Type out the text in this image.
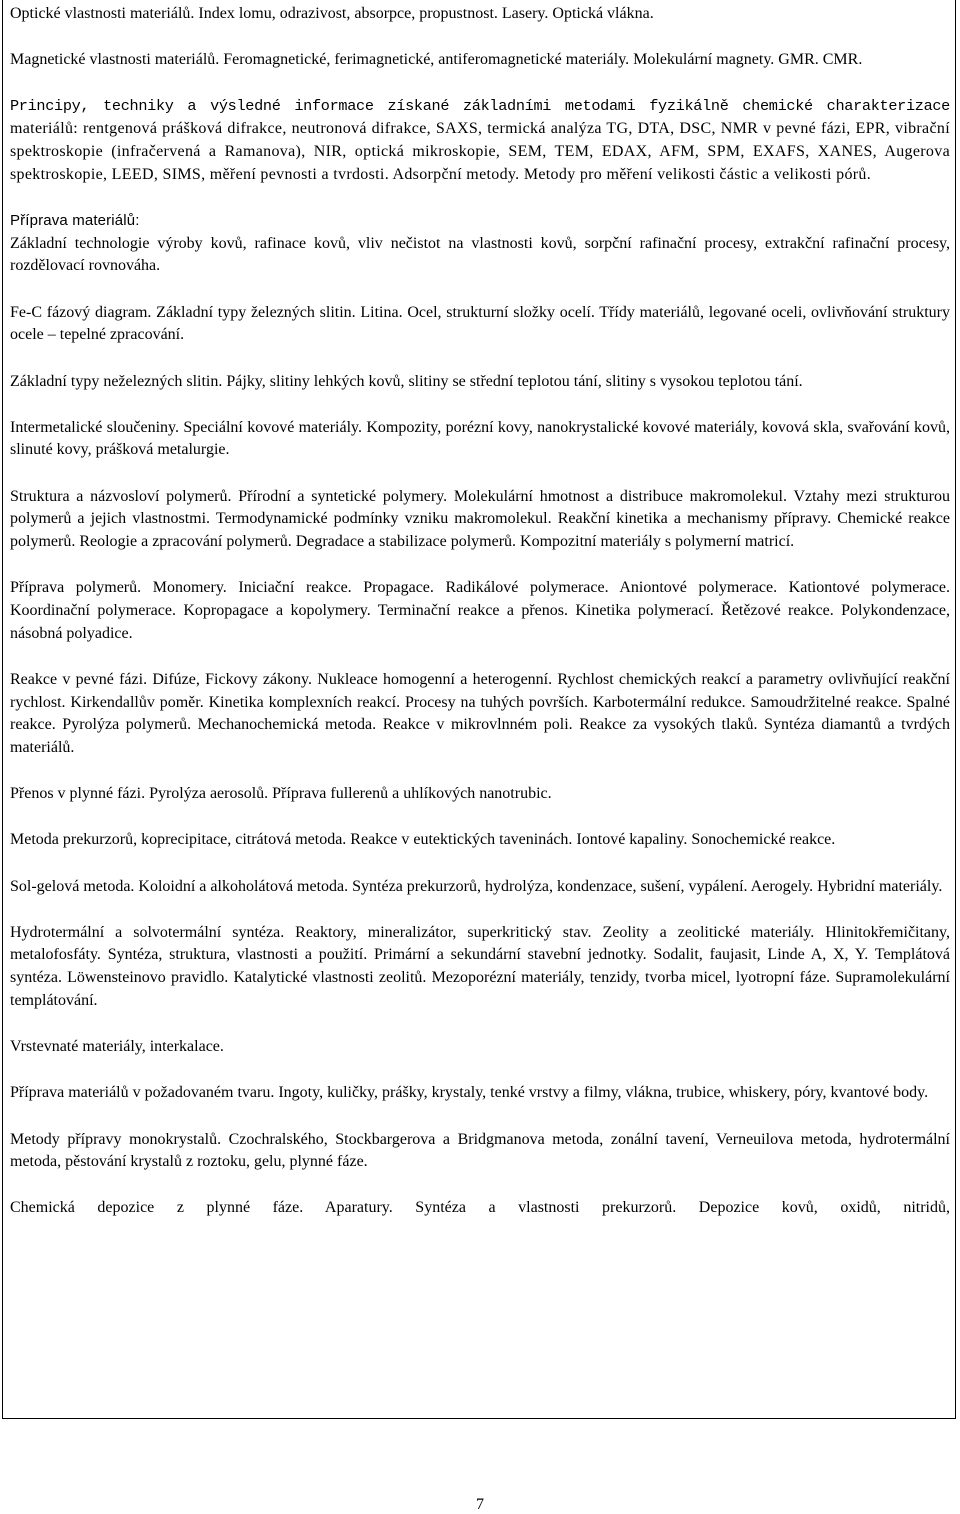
Optické vlastnosti materiálů. Index lomu, odrazivost, absorpce, propustnost. Lasery. Optická vlákna.

Magnetické vlastnosti materiálů. Feromagnetické, ferimagnetické, antiferomagnetické materiály. Molekulární magnety. GMR. CMR.

Principy, techniky a výsledné informace získané základními metodami fyzikálně chemické charakterizace
materiálů: rentgenová prášková difrakce, neutronová difrakce, SAXS, termická analýza TG, DTA, DSC, NMR v pevné fázi, EPR, vibrační spektroskopie (infračervená a Ramanova), NIR, optická mikroskopie, SEM, TEM, EDAX, AFM, SPM, EXAFS, XANES, Augerova spektroskopie, LEED, SIMS, měření pevnosti a tvrdosti. Adsorpční metody. Metody pro měření velikosti částic a velikosti pórů.

Příprava materiálů:

Základní technologie výroby kovů, rafinace kovů, vliv nečistot na vlastnosti kovů, sorpční rafinační procesy, extrakční rafinační procesy, rozdělovací rovnováha.

Fe-C fázový diagram. Základní typy železných slitin. Litina. Ocel, strukturní složky ocelí. Třídy materiálů, legované oceli, ovlivňování struktury ocele – tepelné zpracování.

Základní typy neželezných slitin. Pájky, slitiny lehkých kovů, slitiny se střední teplotou tání, slitiny s vysokou teplotou tání.

Intermetalické sloučeniny. Speciální kovové materiály. Kompozity, porézní kovy, nanokrystalické kovové materiály, kovová skla, svařování kovů, slinuté kovy, prášková metalurgie.

Struktura a názvosloví polymerů. Přírodní a syntetické polymery. Molekulární hmotnost a distribuce makromolekul. Vztahy mezi strukturou polymerů a jejich vlastnostmi. Termodynamické podmínky vzniku makromolekul. Reakční kinetika a mechanismy přípravy. Chemické reakce polymerů. Reologie a zpracování polymerů. Degradace a stabilizace polymerů. Kompozitní materiály s polymerní matricí.

Příprava polymerů. Monomery. Iniciační reakce. Propagace. Radikálové polymerace. Aniontové polymerace. Kationtové polymerace. Koordinační polymerace. Kopropagace a kopolymery. Terminační reakce a přenos. Kinetika polymerací. Řetězové reakce. Polykondenzace, násobná polyadice.

Reakce v pevné fázi. Difúze, Fickovy zákony. Nukleace homogenní a heterogenní. Rychlost chemických reakcí a parametry ovlivňující reakční rychlost. Kirkendallův poměr. Kinetika komplexních reakcí. Procesy na tuhých površích. Karbotermální redukce. Samoudržitelné reakce. Spalné reakce. Pyrolýza polymerů. Mechanochemická metoda. Reakce v mikrovlnném poli. Reakce za vysokých tlaků. Syntéza diamantů a tvrdých materiálů.

Přenos v plynné fázi. Pyrolýza aerosolů. Příprava fullerenů a uhlíkových nanotrubic.

Metoda prekurzorů, koprecipitace, citrátová metoda. Reakce v eutektických taveninách. Iontové kapaliny. Sonochemické reakce.

Sol-gelová metoda. Koloidní a alkoholátová metoda. Syntéza prekurzorů, hydrolýza, kondenzace, sušení, vypálení. Aerogely. Hybridní materiály.

Hydrotermální a solvotermální syntéza. Reaktory, mineralizátor, superkritický stav. Zeolity a zeolitické materiály. Hlinitokřemičitany, metalofosfáty. Syntéza, struktura, vlastnosti a použití. Primární a sekundární stavební jednotky. Sodalit, faujasit, Linde A, X, Y. Templátová syntéza. Löwensteinovo pravidlo. Katalytické vlastnosti zeolitů. Mezoporézní materiály, tenzidy, tvorba micel, lyotropní fáze. Supramolekulární templátování.

Vrstevnaté materiály, interkalace.

Příprava materiálů v požadovaném tvaru. Ingoty, kuličky, prášky, krystaly, tenké vrstvy a filmy, vlákna, trubice, whiskery, póry, kvantové body.

Metody přípravy monokrystalů. Czochralského, Stockbargerova a Bridgmanova metoda, zonální tavení, Verneuilova metoda, hydrotermální metoda, pěstování krystalů z roztoku, gelu, plynné fáze.

Chemická depozice z plynné fáze. Aparatury. Syntéza a vlastnosti prekurzorů. Depozice kovů, oxidů, nitridů,

7
